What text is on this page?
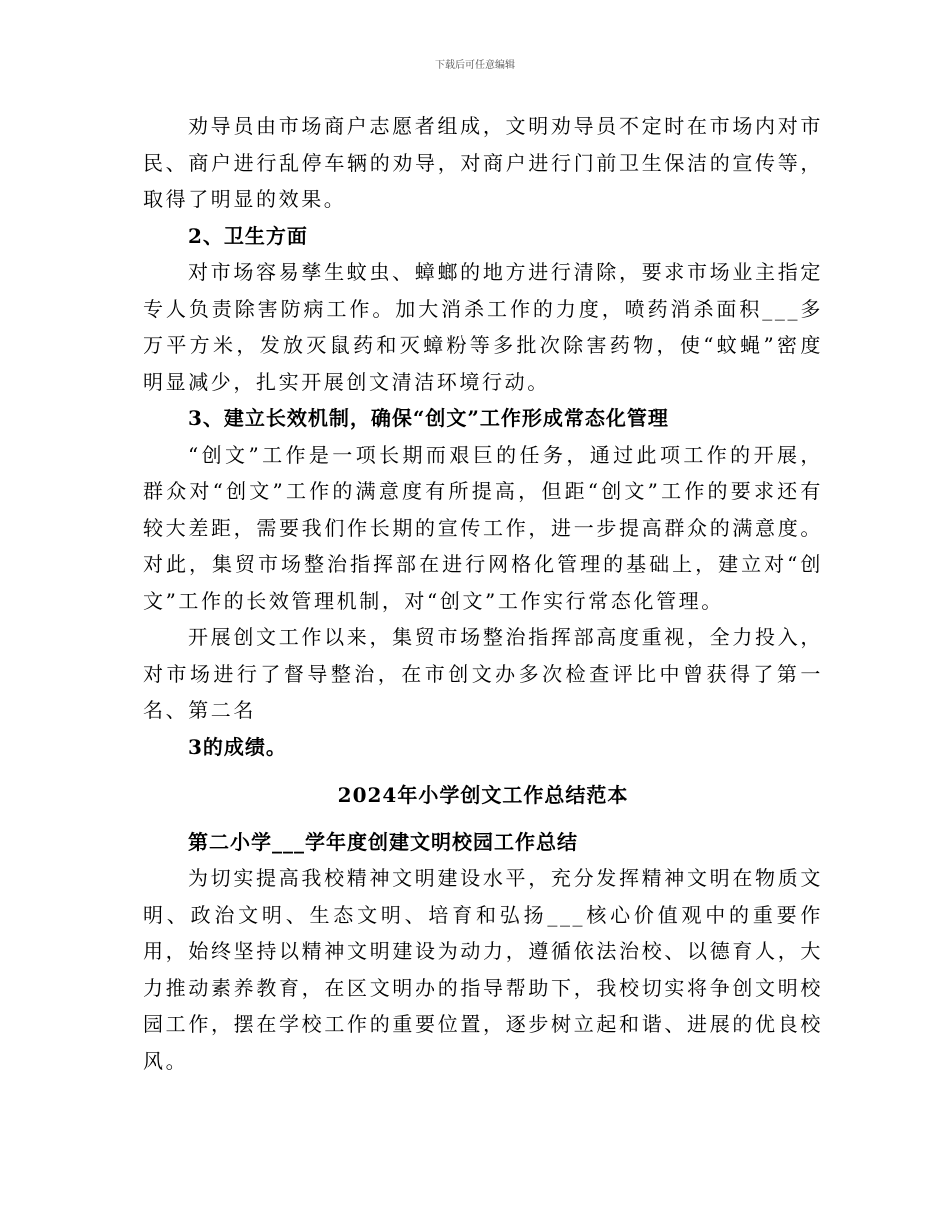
下载后可任意编辑

劝导员由市场商户志愿者组成，文明劝导员不定时在市场内对市民、商户进行乱停车辆的劝导，对商户进行门前卫生保洁的宣传等，取得了明显的效果。

2、卫生方面

对市场容易孳生蚊虫、蟑螂的地方进行清除，要求市场业主指定专人负责除害防病工作。加大消杀工作的力度，喷药消杀面积___多万平方米，发放灭鼠药和灭蟑粉等多批次除害药物，使“蚊蝇”密度明显减少，扎实开展创文清洁环境行动。

3、建立长效机制，确保“创文”工作形成常态化管理

“创文”工作是一项长期而艰巨的任务，通过此项工作的开展，群众对“创文”工作的满意度有所提高，但距“创文”工作的要求还有较大差距，需要我们作长期的宣传工作，进一步提高群众的满意度。对此，集贸市场整治指挥部在进行网格化管理的基础上，建立对“创文”工作的长效管理机制，对“创文”工作实行常态化管理。

开展创文工作以来，集贸市场整治指挥部高度重视，全力投入，对市场进行了督导整治，在市创文办多次检查评比中曾获得了第一名、第二名

3的成绩。

2024年小学创文工作总结范本

第二小学___学年度创建文明校园工作总结

为切实提高我校精神文明建设水平，充分发挥精神文明在物质文明、政治文明、生态文明、培育和弘扬___核心价值观中的重要作用，始终坚持以精神文明建设为动力，遵循依法治校、以德育人，大力推动素养教育，在区文明办的指导帮助下，我校切实将争创文明校园工作，摆在学校工作的重要位置，逐步树立起和谐、进展的优良校风。
